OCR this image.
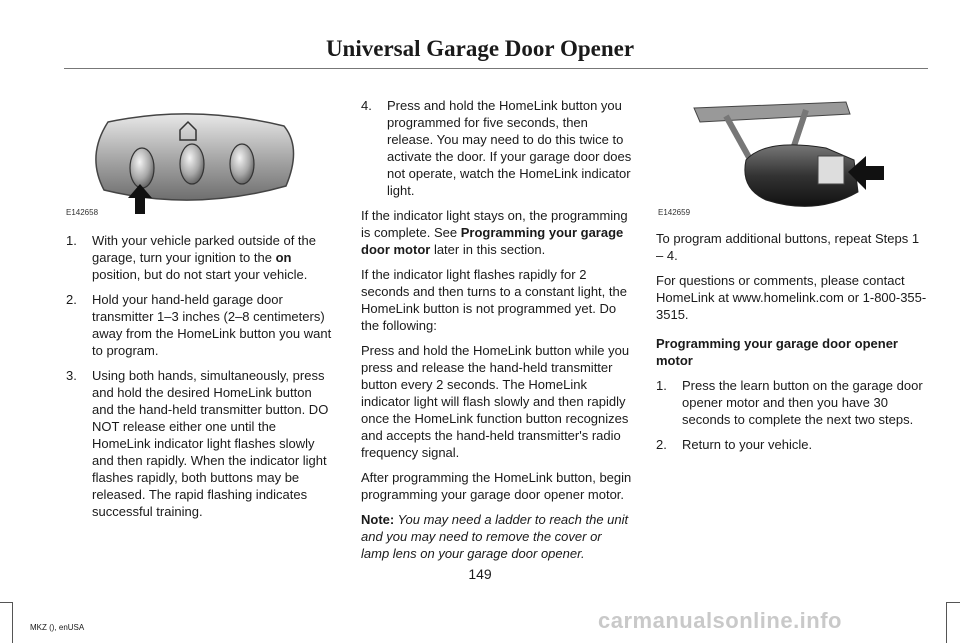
Universal Garage Door Opener
E142658	E142659
1. With your vehicle parked outside of the garage, turn your ignition to the on position, but do not start your vehicle.
2. Hold your hand-held garage door transmitter 1–3 inches (2–8 centimeters) away from the HomeLink button you want to program.
3. Using both hands, simultaneously, press and hold the desired HomeLink button and the hand-held transmitter button. DO NOT release either one until the HomeLink indicator light flashes slowly and then rapidly. When the indicator light flashes rapidly, both buttons may be released. The rapid flashing indicates successful training.
4. Press and hold the HomeLink button you programmed for five seconds, then release. You may need to do this twice to activate the door. If your garage door does not operate, watch the HomeLink indicator light.

If the indicator light stays on, the programming is complete. See Programming your garage door motor later in this section.

If the indicator light flashes rapidly for 2 seconds and then turns to a constant light, the HomeLink button is not programmed yet. Do the following:

Press and hold the HomeLink button while you press and release the hand-held transmitter button every 2 seconds. The HomeLink indicator light will flash slowly and then rapidly once the HomeLink function button recognizes and accepts the hand-held transmitter's radio frequency signal.

After programming the HomeLink button, begin programming your garage door opener motor.

Note: You may need a ladder to reach the unit and you may need to remove the cover or lamp lens on your garage door opener.

To program additional buttons, repeat Steps 1 – 4.

For questions or comments, please contact HomeLink at www.homelink.com or 1-800-355-3515.

Programming your garage door opener motor
1. Press the learn button on the garage door opener motor and then you have 30 seconds to complete the next two steps.
2. Return to your vehicle.
149
MKZ (), enUSA	carmanualsonline.info
